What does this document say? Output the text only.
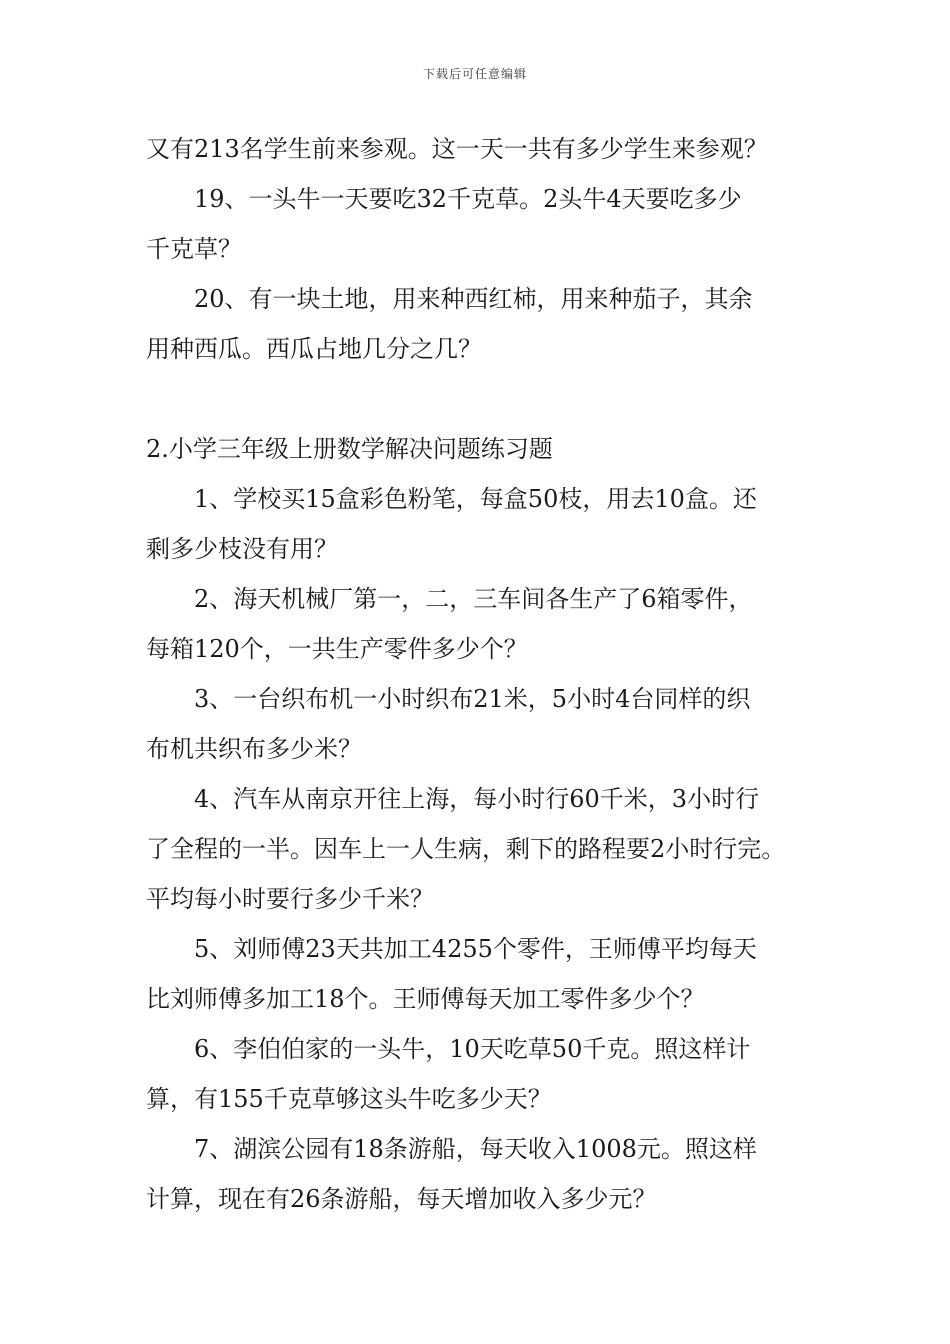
下载后可任意编辑
又有213名学生前来参观。这一天一共有多少学生来参观？
19、一头牛一天要吃32千克草。2头牛4天要吃多少
千克草？
20、有一块土地，用来种西红柿，用来种茄子，其余
用种西瓜。西瓜占地几分之几？
2.小学三年级上册数学解决问题练习题
1、学校买15盒彩色粉笔，每盒50枝，用去10盒。还
剩多少枝没有用？
2、海天机械厂第一，二，三车间各生产了6箱零件，
每箱120个，一共生产零件多少个？
3、一台织布机一小时织布21米，5小时4台同样的织
布机共织布多少米？
4、汽车从南京开往上海，每小时行60千米，3小时行
了全程的一半。因车上一人生病，剩下的路程要2小时行完。
平均每小时要行多少千米？
5、刘师傅23天共加工4255个零件，王师傅平均每天
比刘师傅多加工18个。王师傅每天加工零件多少个？
6、李伯伯家的一头牛，10天吃草50千克。照这样计
算，有155千克草够这头牛吃多少天？
7、湖滨公园有18条游船，每天收入1008元。照这样
计算，现在有26条游船，每天增加收入多少元？
